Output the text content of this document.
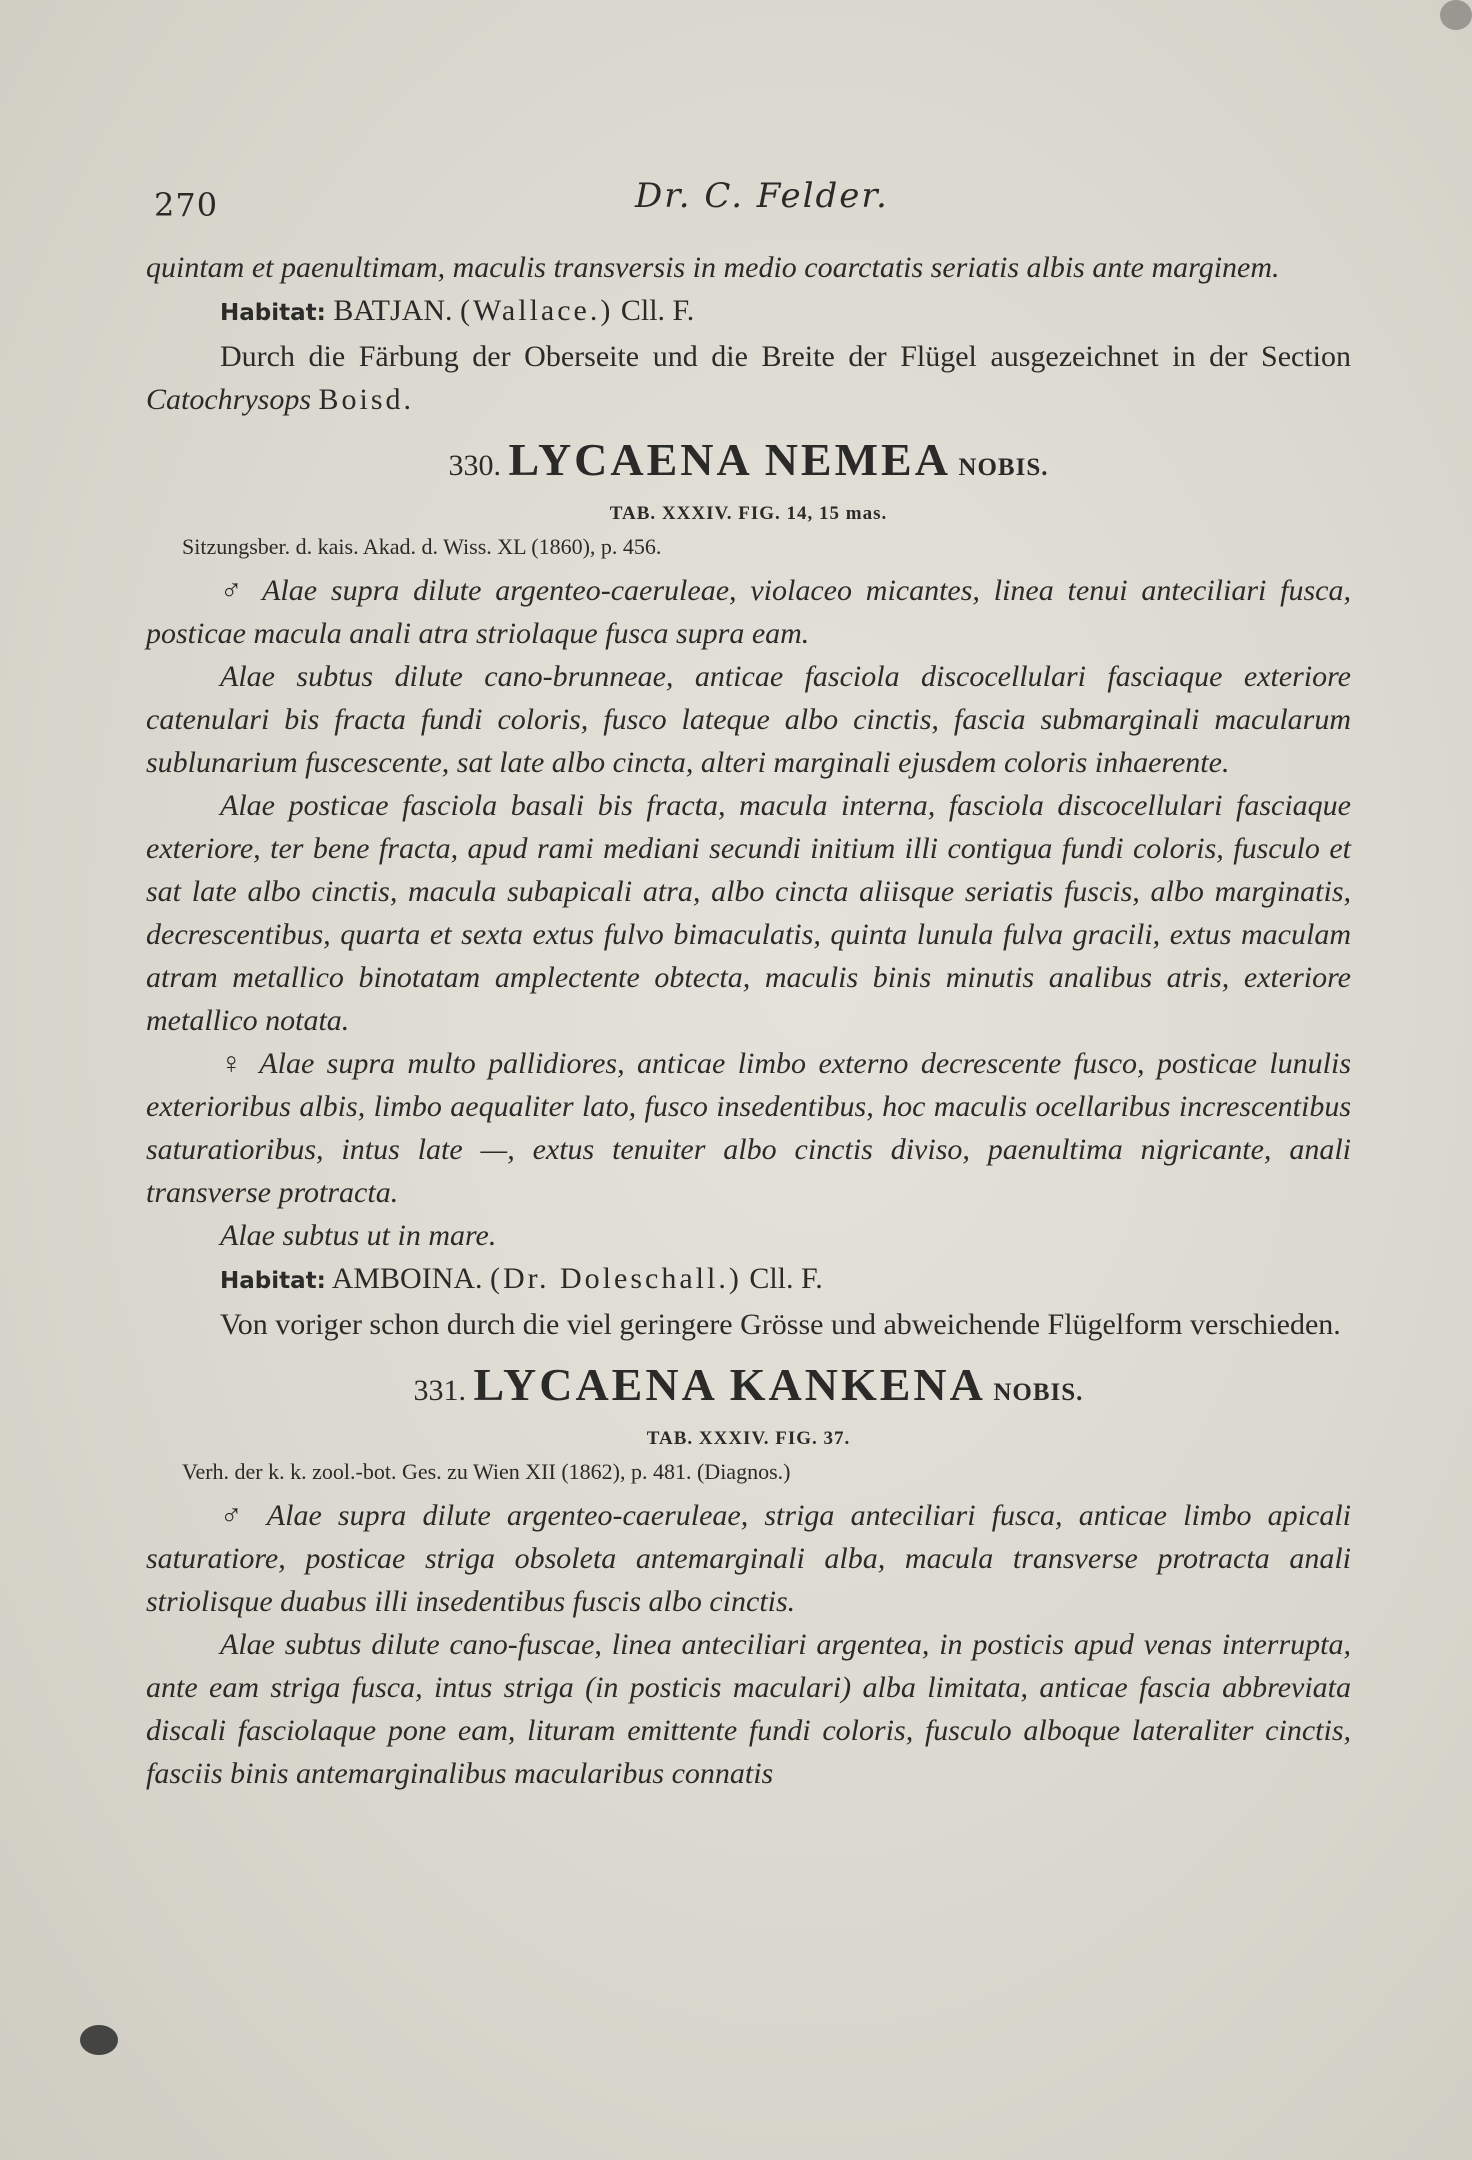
270	Dr. C. Felder.

quintam et paenultimam, maculis transversis in medio coarctatis seriatis albis ante marginem.

Habitat: BATJAN. (Wallace.) Cll. F.

Durch die Färbung der Oberseite und die Breite der Flügel ausgezeichnet in der Section Catochrysops Boisd.

330. LYCAENA NEMEA NOBIS.
TAB. XXXIV. FIG. 14, 15 mas.
Sitzungsber. d. kais. Akad. d. Wiss. XL (1860), p. 456.

♂ Alae supra dilute argenteo-caeruleae, violaceo micantes, linea tenui anteciliari fusca, posticae macula anali atra striolaque fusca supra eam.

Alae subtus dilute cano-brunneae, anticae fasciola discocellulari fasciaque exteriore catenulari bis fracta fundi coloris, fusco lateque albo cinctis, fascia submarginali macularum sublunarium fuscescente, sat late albo cincta, alteri marginali ejusdem coloris inhaerente.

Alae posticae fasciola basali bis fracta, macula interna, fasciola discocellulari fasciaque exteriore, ter bene fracta, apud rami mediani secundi initium illi contigua fundi coloris, fusculo et sat late albo cinctis, macula subapicali atra, albo cincta aliisque seriatis fuscis, albo marginatis, decrescentibus, quarta et sexta extus fulvo bimaculatis, quinta lunula fulva gracili, extus maculam atram metallico binotatam amplectente obtecta, maculis binis minutis analibus atris, exteriore metallico notata.

♀ Alae supra multo pallidiores, anticae limbo externo decrescente fusco, posticae lunulis exterioribus albis, limbo aequaliter lato, fusco insedentibus, hoc maculis ocellaribus increscentibus saturatioribus, intus late —, extus tenuiter albo cinctis diviso, paenultima nigricante, anali transverse protracta.

Alae subtus ut in mare.

Habitat: AMBOINA. (Dr. Doleschall.) Cll. F.

Von voriger schon durch die viel geringere Grösse und abweichende Flügelform verschieden.

331. LYCAENA KANKENA NOBIS.
TAB. XXXIV. FIG. 37.
Verh. der k. k. zool.-bot. Ges. zu Wien XII (1862), p. 481. (Diagnos.)

♂ Alae supra dilute argenteo-caeruleae, striga anteciliari fusca, anticae limbo apicali saturatiore, posticae striga obsoleta antemarginali alba, macula transverse protracta anali striolisque duabus illi insedentibus fuscis albo cinctis.

Alae subtus dilute cano-fuscae, linea anteciliari argentea, in posticis apud venas interrupta, ante eam striga fusca, intus striga (in posticis maculari) alba limitata, anticae fascia abbreviata discali fasciolaque pone eam, lituram emittente fundi coloris, fusculo alboque lateraliter cinctis, fasciis binis antemarginalibus macularibus connatis
